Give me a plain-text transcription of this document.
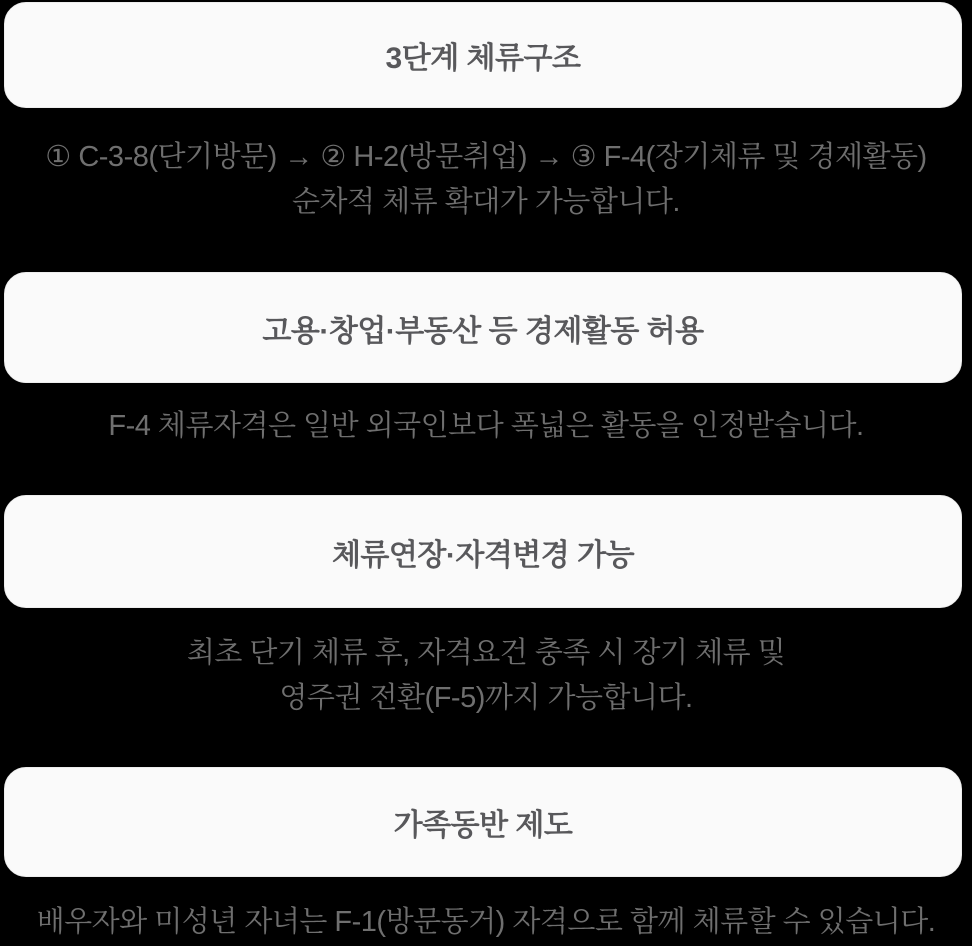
3단계 체류구조
① C-3-8(단기방문) → ② H-2(방문취업) → ③ F-4(장기체류 및 경제활동)
순차적 체류 확대가 가능합니다.
고용·창업·부동산 등 경제활동 허용
F-4 체류자격은 일반 외국인보다 폭넓은 활동을 인정받습니다.
체류연장·자격변경 가능
최초 단기 체류 후, 자격요건 충족 시 장기 체류 및
영주권 전환(F-5)까지 가능합니다.
가족동반 제도
배우자와 미성년 자녀는 F-1(방문동거) 자격으로 함께 체류할 수 있습니다.
